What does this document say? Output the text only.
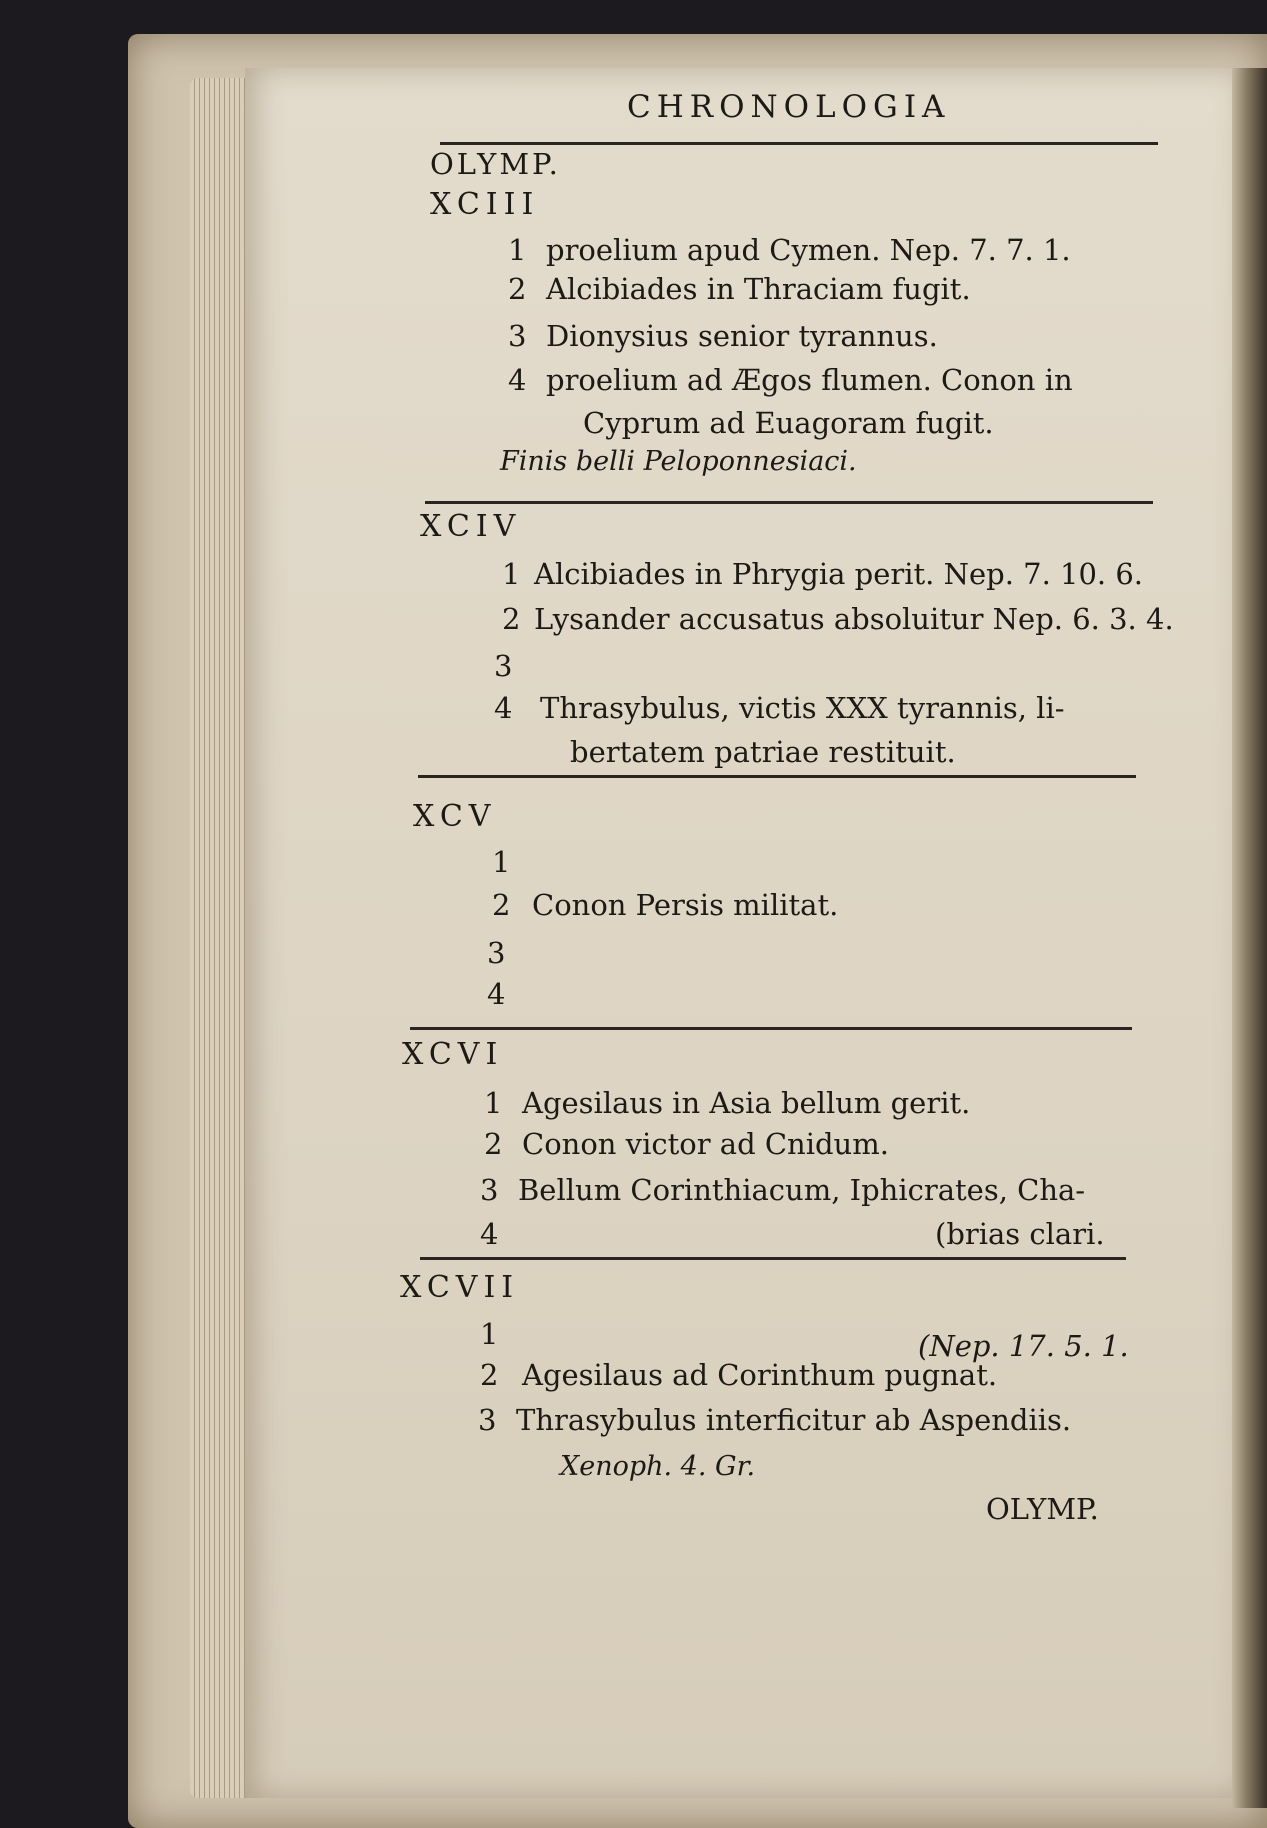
CHRONOLOGIA
OLYMP.
XCIII
1 proelium apud Cymen. Nep. 7. 7. 1.
2 Alcibiades in Thraciam fugit.
3 Dionysius senior tyrannus.
4 proelium ad Ægos flumen. Conon in
Cyprum ad Euagoram fugit.
Finis belli Peloponnesiaci.
XCIV
1 Alcibiades in Phrygia perit. Nep. 7. 10. 6.
2 Lysander accusatus absoluitur Nep. 6. 3. 4.
3
4 Thrasybulus, victis XXX tyrannis, li-
bertatem patriae restituit.
XCV
1
2 Conon Persis militat.
3
4
XCVI
1 Agesilaus in Asia bellum gerit.
2 Conon victor ad Cnidum.
3 Bellum Corinthiacum, Iphicrates, Cha-
4	(brias clari.
XCVII
1	(Nep. 17. 5. 1.
2 Agesilaus ad Corinthum pugnat.
3 Thrasybulus interficitur ab Aspendiis.
Xenoph. 4. Gr.
OLYMP.
